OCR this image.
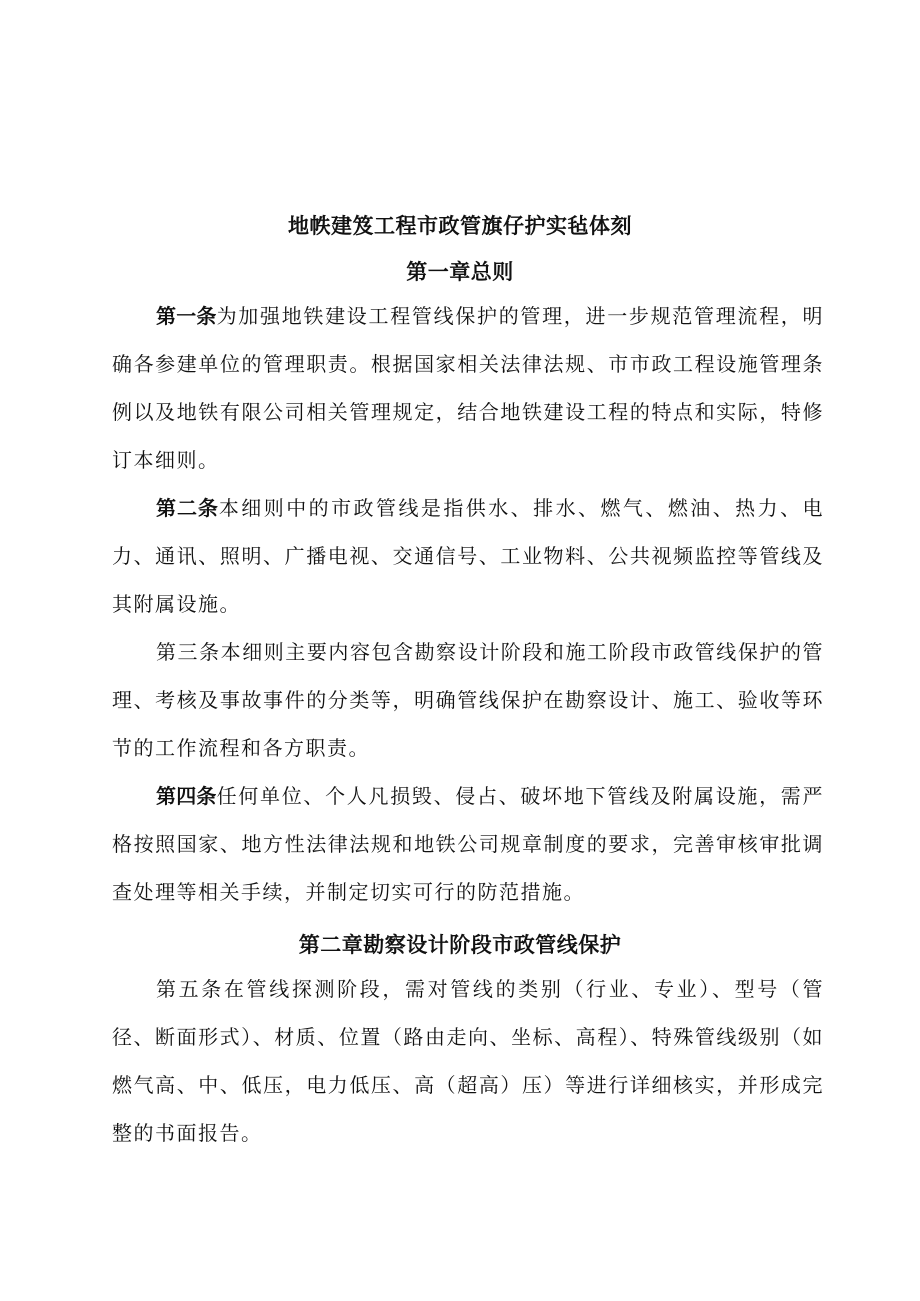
地帙建笈工程市政管旗仔护实毡体刻
第一章总则

第一条为加强地铁建设工程管线保护的管理，进一步规范管理流程，明确各参建单位的管理职责。根据国家相关法律法规、市市政工程设施管理条例以及地铁有限公司相关管理规定，结合地铁建设工程的特点和实际，特修订本细则。

第二条本细则中的市政管线是指供水、排水、燃气、燃油、热力、电力、通讯、照明、广播电视、交通信号、工业物料、公共视频监控等管线及其附属设施。

第三条本细则主要内容包含勘察设计阶段和施工阶段市政管线保护的管理、考核及事故事件的分类等，明确管线保护在勘察设计、施工、验收等环节的工作流程和各方职责。

第四条任何单位、个人凡损毁、侵占、破坏地下管线及附属设施，需严格按照国家、地方性法律法规和地铁公司规章制度的要求，完善审核审批调查处理等相关手续，并制定切实可行的防范措施。

第二章勘察设计阶段市政管线保护

第五条在管线探测阶段，需对管线的类别（行业、专业）、型号（管径、断面形式）、材质、位置（路由走向、坐标、高程）、特殊管线级别（如燃气高、中、低压，电力低压、高（超高）压）等进行详细核实，并形成完整的书面报告。
